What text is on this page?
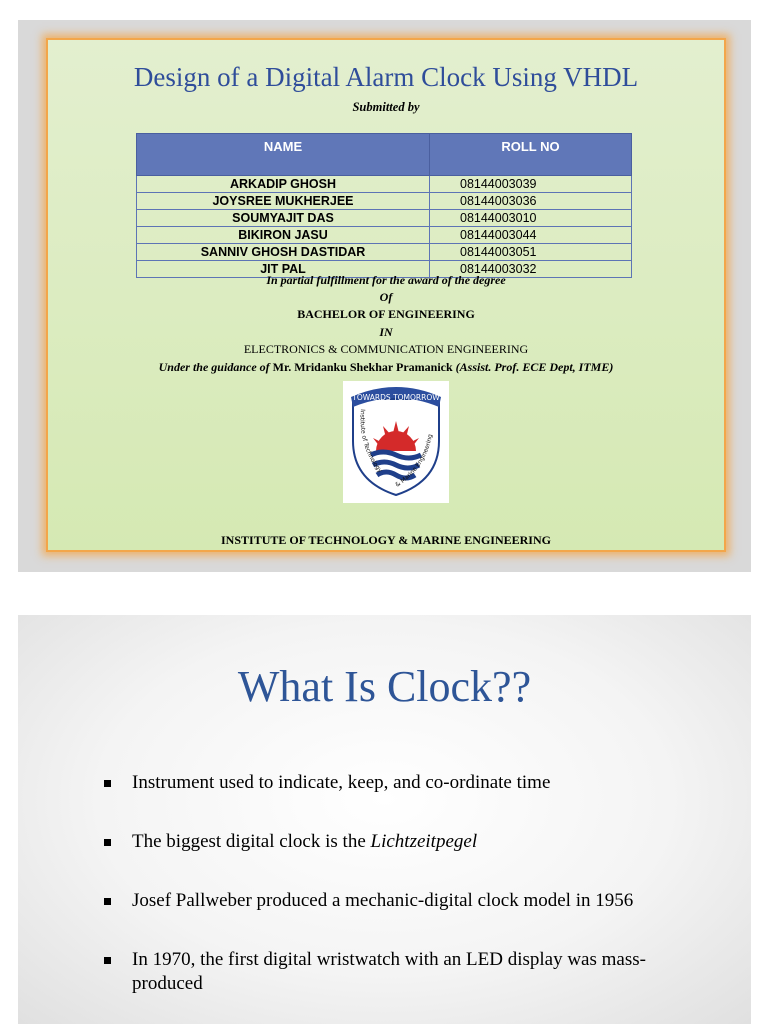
Design of a Digital Alarm Clock Using VHDL
Submitted by
NAME	ROLL NO
ARKADIP GHOSH	08144003039
JOYSREE MUKHERJEE	08144003036
SOUMYAJIT DAS	08144003010
BIKIRON JASU	08144003044
SANNIV GHOSH DASTIDAR	08144003051
JIT PAL	08144003032
In partial fulfillment for the award of the degree
Of
BACHELOR OF ENGINEERING
IN
ELECTRONICS & COMMUNICATION ENGINEERING
Under the guidance of Mr. Mridanku Shekhar Pramanick (Assist. Prof. ECE Dept, ITME)
TOWARDS TOMORROW
Institute of Technology
& Marine Engineering
INSTITUTE OF TECHNOLOGY & MARINE ENGINEERING
What Is Clock??
Instrument used to indicate, keep, and co-ordinate time
The biggest digital clock is the Lichtzeitpegel
Josef Pallweber produced a mechanic-digital clock model in 1956
In 1970, the first digital wristwatch with an LED display was mass-produced
